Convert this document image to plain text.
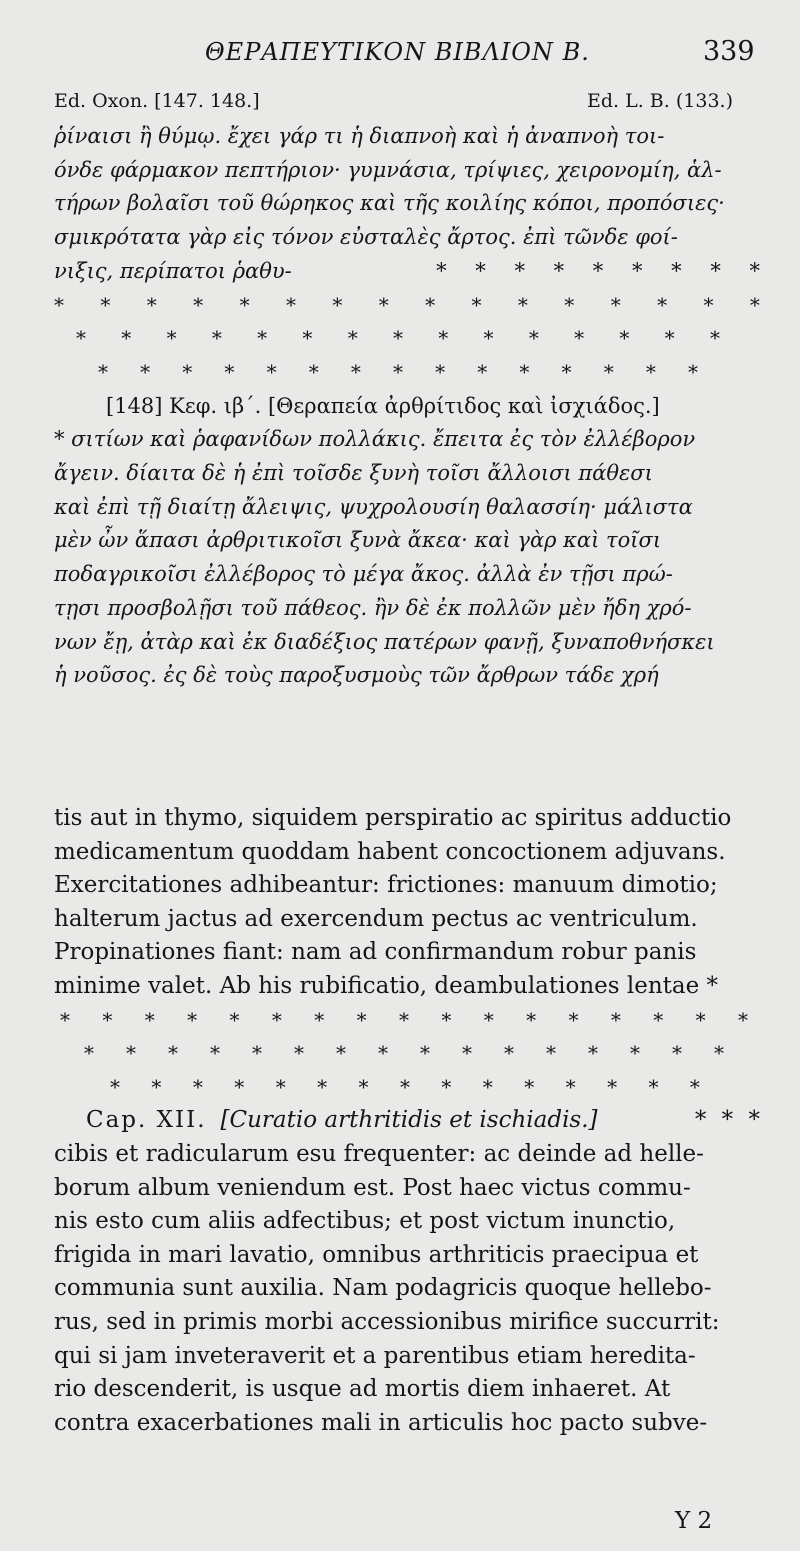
ΘΕΡΑΠΕΥΤΙΚΟΝ ΒΙΒΛΙΟΝ Β.	339
Ed. Oxon. [147. 148.]	Ed. L. B. (133.)
ῥίναισι ἢ θύμῳ. ἔχει γάρ τι ἡ διαπνοὴ καὶ ἡ ἀναπνοὴ τοι-
όνδε φάρμακον πεπτήριον· γυμνάσια, τρίψιες, χειρονομίη, ἁλ-
τήρων βολαῖσι τοῦ θώρηκος καὶ τῆς κοιλίης κόποι, προπόσιες·
σμικρότατα γὰρ εἰς τόνον εὐσταλὲς ἄρτος. ἐπὶ τῶνδε φοί-
νιξις, περίπατοι ῥαθυ-	* * * * * * * * *
* * * * * * * * * * * * * * * *
* * * * * * * * * * * * * * *
* * * * * * * * * * * * * * *
[148] Κεφ. ιβ΄. [Θεραπεία ἀρθρίτιδος καὶ ἰσχιάδος.]
* σιτίων καὶ ῥαφανίδων πολλάκις. ἔπειτα ἐς τὸν ἐλλέβορον
ἄγειν. δίαιτα δὲ ἡ ἐπὶ τοῖσδε ξυνὴ τοῖσι ἄλλοισι πάθεσι
καὶ ἐπὶ τῇ διαίτῃ ἄλειψις, ψυχρολουσίη θαλασσίη· μάλιστα
μὲν ὦν ἅπασι ἀρθριτικοῖσι ξυνὰ ἄκεα· καὶ γὰρ καὶ τοῖσι
ποδαγρικοῖσι ἐλλέβορος τὸ μέγα ἄκος. ἀλλὰ ἐν τῇσι πρώ-
τῃσι προσβολῇσι τοῦ πάθεος. ἢν δὲ ἐκ πολλῶν μὲν ἤδη χρό-
νων ἔῃ, ἀτὰρ καὶ ἐκ διαδέξιος πατέρων φανῇ, ξυναποθνήσκει
ἡ νοῦσος. ἐς δὲ τοὺς παροξυσμοὺς τῶν ἄρθρων τάδε χρή
tis aut in thymo, siquidem perspiratio ac spiritus adductio
medicamentum quoddam habent concoctionem adjuvans.
Exercitationes adhibeantur: frictiones: manuum dimotio;
halterum jactus ad exercendum pectus ac ventriculum.
Propinationes fiant: nam ad confirmandum robur panis
minime valet. Ab his rubificatio, deambulationes lentae *
* * * * * * * * * * * * * * * * *
* * * * * * * * * * * * * * * *
* * * * * * * * * * * * * * *
Cap. XII. [Curatio arthritidis et ischiadis.]	* * *
cibis et radicularum esu frequenter: ac deinde ad helle-
borum album veniendum est. Post haec victus commu-
nis esto cum aliis adfectibus; et post victum inunctio,
frigida in mari lavatio, omnibus arthriticis praecipua et
communia sunt auxilia. Nam podagricis quoque hellebo-
rus, sed in primis morbi accessionibus mirifice succurrit:
qui si jam inveteraverit et a parentibus etiam heredita-
rio descenderit, is usque ad mortis diem inhaeret. At
contra exacerbationes mali in articulis hoc pacto subve-
Y 2
